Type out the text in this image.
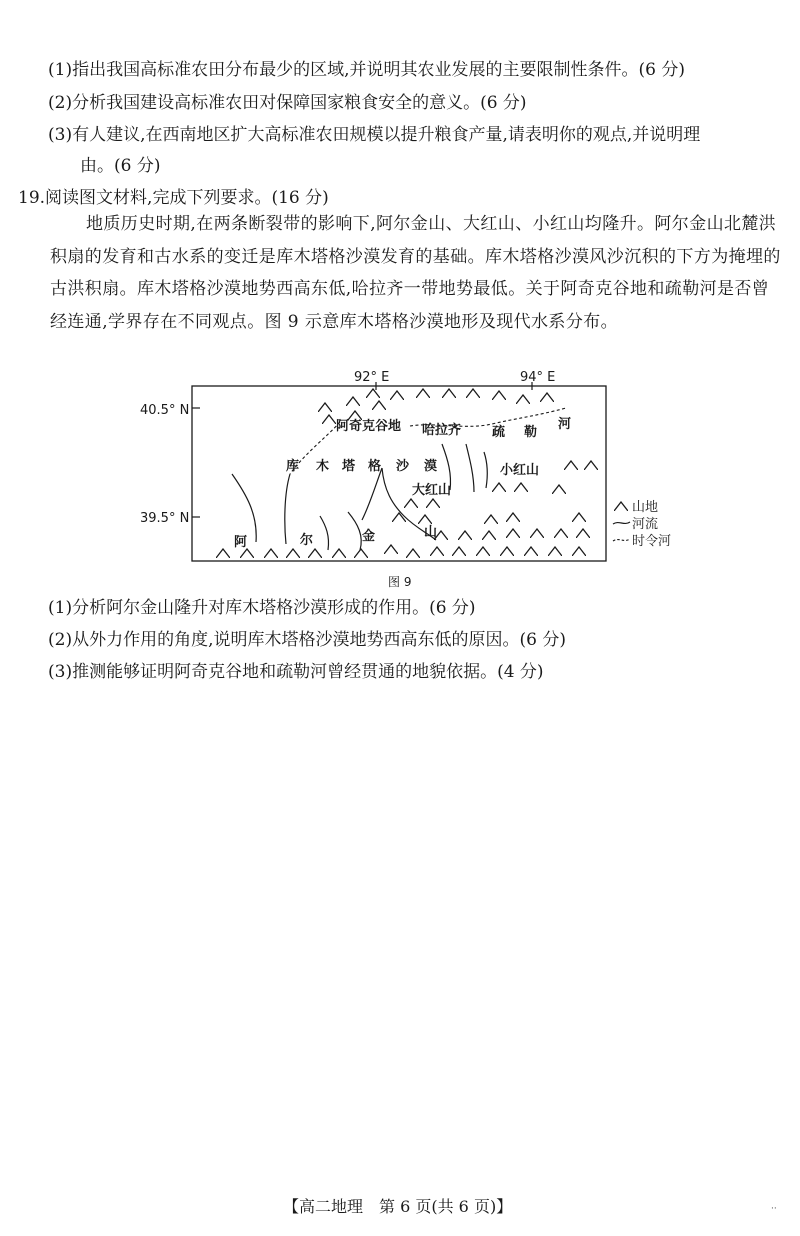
(1)指出我国高标准农田分布最少的区域,并说明其农业发展的主要限制性条件。(6 分)
(2)分析我国建设高标准农田对保障国家粮食安全的意义。(6 分)
(3)有人建议,在西南地区扩大高标准农田规模以提升粮食产量,请表明你的观点,并说明理
由。(6 分)
19.阅读图文材料,完成下列要求。(16 分)
地质历史时期,在两条断裂带的影响下,阿尔金山、大红山、小红山均隆升。阿尔金山北麓洪积扇的发育和古水系的变迁是库木塔格沙漠发育的基础。库木塔格沙漠风沙沉积的下方为掩埋的古洪积扇。库木塔格沙漠地势西高东低,哈拉齐一带地势最低。关于阿奇克谷地和疏勒河是否曾经连通,学界存在不同观点。图 9 示意库木塔格沙漠地形及现代水系分布。
92° E	94° E
40.5° N
39.5° N
阿奇克谷地 哈拉齐 疏 勒
河
库 木 塔 格 沙 漠	小红山
大红山
阿	尔	金	山
山地
河流
时令河
图 9
(1)分析阿尔金山隆升对库木塔格沙漠形成的作用。(6 分)
(2)从外力作用的角度,说明库木塔格沙漠地势西高东低的原因。(6 分)
(3)推测能够证明阿奇克谷地和疏勒河曾经贯通的地貌依据。(4 分)
【高二地理　第 6 页(共 6 页)】	··
